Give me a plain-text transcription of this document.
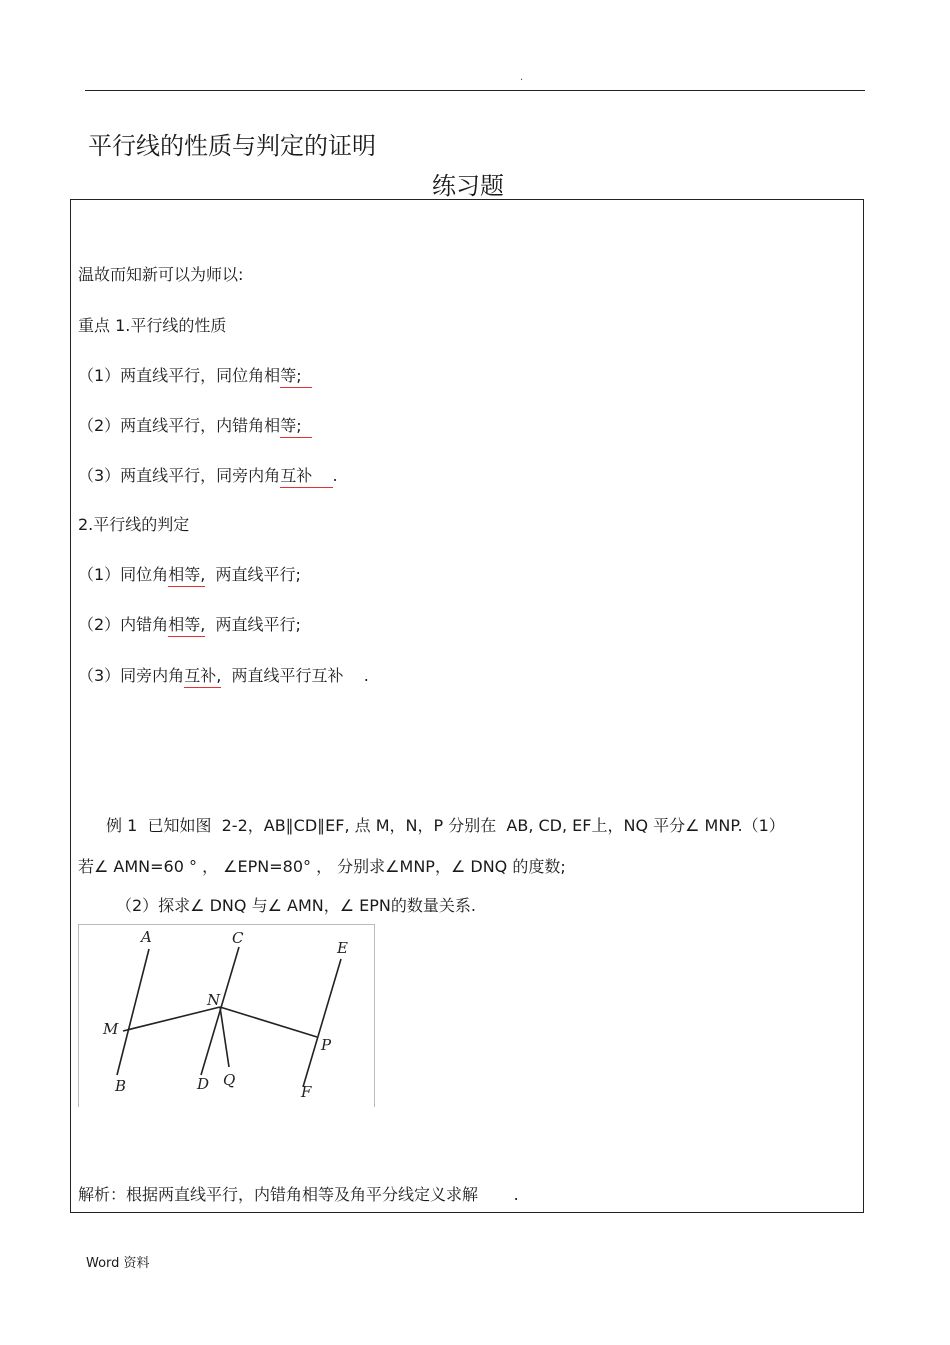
.
平行线的性质与判定的证明
练习题
温故而知新可以为师以:
重点 1.平行线的性质
（1）两直线平行，同位角相等;
（2）两直线平行，内错角相等;
（3）两直线平行，同旁内角互补    .
2.平行线的判定
（1）同位角相等,  两直线平行;
（2）内错角相等,  两直线平行;
（3）同旁内角互补,  两直线平行互补    .
例 1  已知如图  2-2，AB∥CD∥EF, 点 M，N，P 分别在  AB, CD, EF上，NQ 平分∠ MNP.（1）
若∠ AMN=60 ° ， ∠EPN=80° ， 分别求∠MNP，∠ DNQ 的度数;
（2）探求∠ DNQ 与∠ AMN，∠ EPN的数量关系.
A
B
C
D
E
F
M
N
P
Q
解析：根据两直线平行，内错角相等及角平分线定义求解       .
Word 资料
